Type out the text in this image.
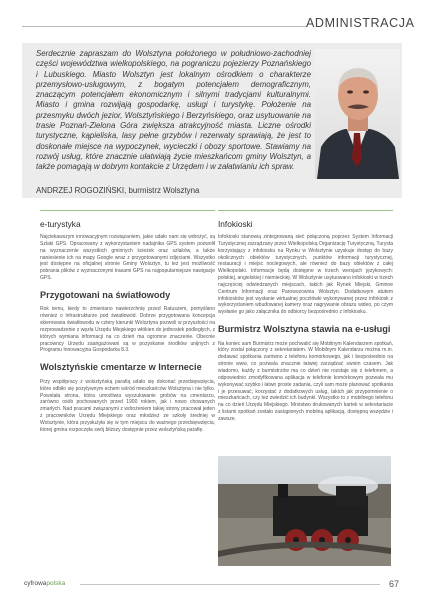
ADMINISTRACJA
Serdecznie zapraszam do Wolsztyna położonego w południowo-zachodniej części województwa wielkopolskiego, na pograniczu pojezierzy Poznańskiego i Lubuskiego. Miasto Wolsztyn jest lokalnym ośrodkiem o charakterze przemysłowo-usługowym, z bogatym potencjałem demograficznym, znaczącym potencjałem ekonomicznym i silnymi tradycjami kulturalnymi. Miasto i gmina rozwijają gospodarkę, usługi i turystykę. Położenie na przesmyku dwóch jezior, Wolsztyńskiego i Berzyńskiego, oraz usytuowanie na trasie Poznań-Zielona Góra zwiększa atrakcyjność miasta. Liczne ośrodki turystyczne, kąpieliska, lasy pełne grzybów i rezerwaty sprawiają, że jest to doskonałe miejsce na wypoczynek, wycieczki i obozy sportowe. Stawiamy na rozwój usług, które znacznie ułatwiają życie mieszkańcom gminy Wolsztyn, a także pomagają w dobrym kontakcie z Urzędem i w załatwianiu ich spraw.
ANDRZEJ ROGOZIŃSKI, burmistrz Wolsztyna
e-turystyka
Najciekawszym innowacyjnym rozwiązaniem, jakie udało nam się wdrożyć, są Szlaki GPS. Opracowany z wykorzystaniem nadajnika GPS system pozwolił na wyznaczenie wszystkich gminnych ścieżek oraz szlaków, a także naniesienie ich na mapy Google wraz z przygotowanymi zdjęciami. Wszystko jest dostępne na oficjalnej stronie Gminy Wolsztyn, tu też jest możliwość pobrania plików z wyznaczonymi trasami GPS na najpopularniejsze nawigacje GPS.
Przygotowani na światłowody
Rok temu, kiedy to zmieniano nawierzchnię przed Ratuszem, pomyślano również o infrastrukturze pod światłowód. Dobrze przygotowana koncepcja skierowana światłowodu w cztery kierunki Wolsztyna pozwoli w przyszłości na rozprowadzenie z węzła Urzędu Miejskiego włókien do jednostek podległych, z których wymiana informacji na co dzień ma ogromne znaczenie. Obecnie pracowncy Urzędu zaangażowani są w pozyskanie środków unijnych z Programu Innowacyjna Gospodarka 8.3.
Wolsztyńskie cmentarze w Internecie
Przy współpracy z wolsztyńską parafią udało się dokonać przedsięwzięcia, które odbiło się pozytywnym echem wśród mieszkańców Wolsztyna i nie tylko. Powstała strona, która umożliwia wyszukiwanie grobów na cmentarzu, zarówno osób pochowanych przed 1900 rokiem, jak i nowo chowanych zmarłych. Nad pracami związanymi z wdrożeniem takiej strony pracował jeden z pracowników Urzędu Miejskiego oraz młodzież ze szkoły średniej w Wolsztynie, która przysłużyła się w tym miejscu do ważnego przedsięwzięcia, ktorej gmina rozpoczęła swój bliższy dostępnie przez wolsztyńską parafię.
Infokioski
Infokioski stanowią zintegrowaną sieć połączoną poprzez System Informacji Turystycznej zarządzany przez Wielkopolską Organizację Turystyczną. Turysta korzystający z infokiosku na Rynku w Wolsztynie uzyskuje dostęp do bazy okolicznych obiektów turystycznych, punktów informacji turystycznej, restauracji i miejsc noclegowych, ale również do bazy obiektów z całej Wielkopolski. Informacje będą dostępne w trzech wersjach językowych: polskiej, angielskiej i niemieckiej. W Wolsztynie usytuowano infokioski w trzech najczęściej odwiedzanych miejscach, takich jak Rynek Miejski, Gminne Centrum Informacji oraz Parowozownia Wolsztyn. Dodatkowym atutem infokiosków jest wysłanie wirtualnej pocztówki wykonywanej przez infokiosk z wykorzystaniem wbudowanej kamery oraz nagrywanie obrazu wideo, po czym wysłanie go jako załącznika do odbiorcy bezpośrednio z infokiosku.
Burmistrz Wolsztyna stawia na e-usługi
Na koniec sam Burmistrz może pochwalić się Mobilnym Kalendarzem spotkań, który został połączony z sekretariatem. W Mobilnym Kalendarzu można m.in. dodawać spotkania zarówno z telefonu komórkowego, jak i bezpośrednio na stronie www, co pozwala znacznie łatwiej zarządzać swoim czasem. Jak wiadomo, każdy z burmistrzów ma co dzień nie rozstaje się z telefonem, a odpowiednio zmodyfikowana aplikacja w telefonie komórkowym pozwala mu wykonywać szybko i łatwo proste zadania, czyli sam może planować spotkania i je przesuwać, korzystać z dodatkowych usług, takich jak przypomnienie o mieszkańcach, czy też zwiedzić ich budynki. Wszystko to z mobilnego telefonu na co dzień Urzędu Miejskiego. Mnóstwo drukowanych kartek w sekretariacie z listami spotkań zostało zastąpionych mobilną aplikacją, dostępną wszędzie i zawsze.
cyfrowapolska	67
